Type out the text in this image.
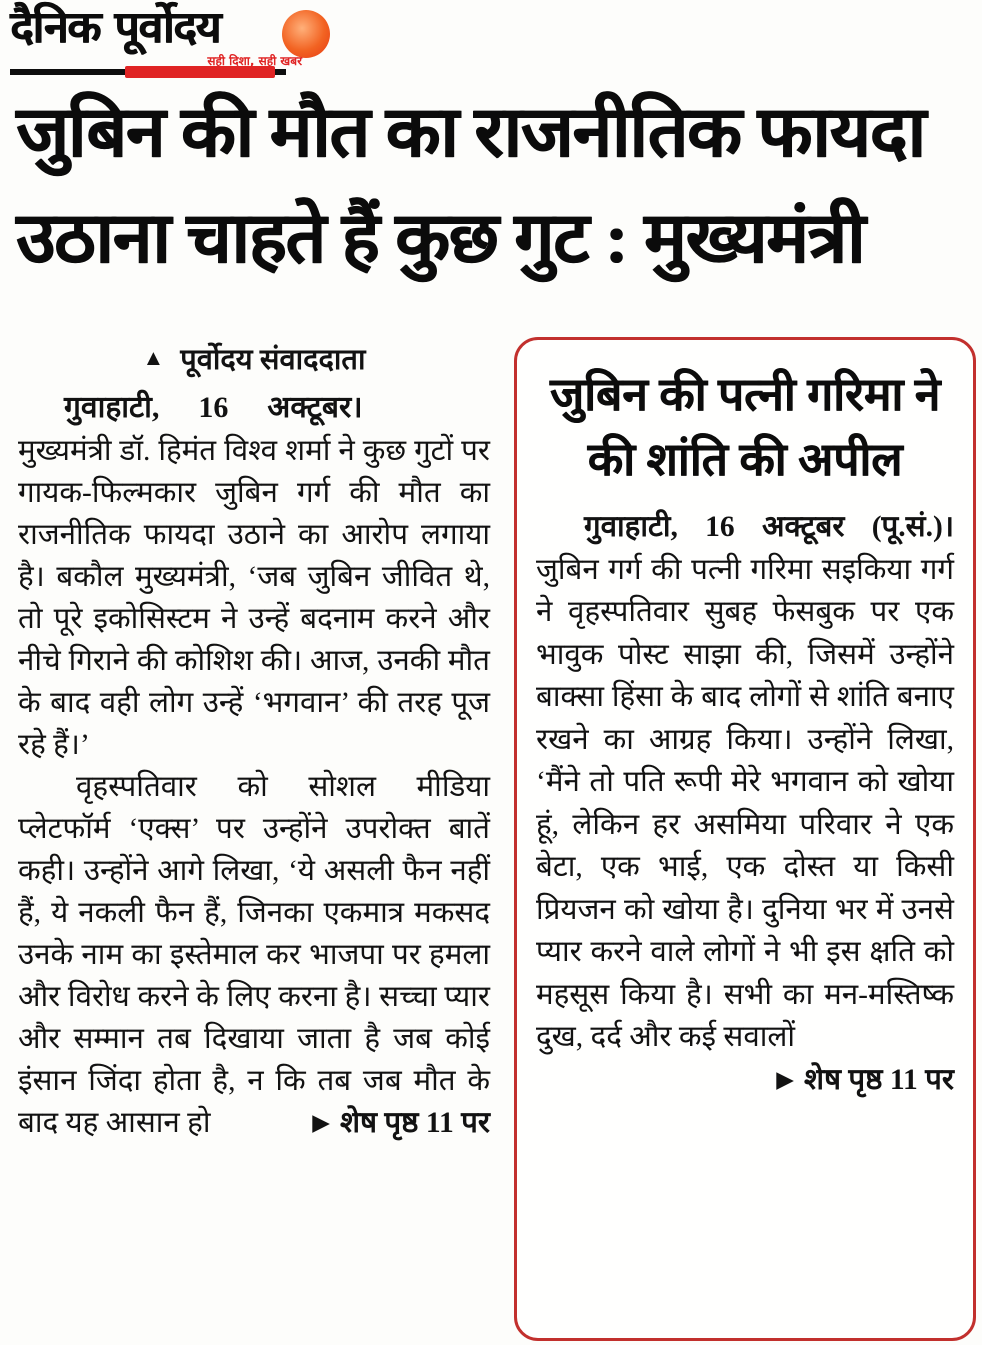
दैनिक पूर्वोदय
सही दिशा, सही खबर
जुबिन की मौत का राजनीतिक फायदा
उठाना चाहते हैं कुछ गुट : मुख्यमंत्री

▲ पूर्वोदय संवाददाता

गुवाहाटी, 16 अक्टूबर।

मुख्यमंत्री डॉ. हिमंत विश्व शर्मा ने कुछ गुटों पर गायक-फिल्मकार जुबिन गर्ग की मौत का राजनीतिक फायदा उठाने का आरोप लगाया है। बकौल मुख्यमंत्री, ‘जब जुबिन जीवित थे, तो पूरे इकोसिस्टम ने उन्हें बदनाम करने और नीचे गिराने की कोशिश की। आज, उनकी मौत के बाद वही लोग उन्हें ‘भगवान’ की तरह पूज रहे हैं।’

वृहस्पतिवार को सोशल मीडिया प्लेटफॉर्म ‘एक्स’ पर उन्होंने उपरोक्त बातें कही। उन्होंने आगे लिखा, ‘ये असली फैन नहीं हैं, ये नकली फैन हैं, जिनका एकमात्र मकसद उनके नाम का इस्तेमाल कर भाजपा पर हमला और विरोध करने के लिए करना है। सच्चा प्यार और सम्मान तब दिखाया जाता है जब कोई इंसान जिंदा होता है, न कि तब जब मौत के बाद यह आसान हो	▶ शेष पृष्ठ 11 पर

जुबिन की पत्नी गरिमा ने की शांति की अपील

गुवाहाटी, 16 अक्टूबर (पू.सं.)। जुबिन गर्ग की पत्नी गरिमा सइकिया गर्ग ने वृहस्पतिवार सुबह फेसबुक पर एक भावुक पोस्ट साझा की, जिसमें उन्होंने बाक्सा हिंसा के बाद लोगों से शांति बनाए रखने का आग्रह किया। उन्होंने लिखा, ‘मैंने तो पति रूपी मेरे भगवान को खोया हूं, लेकिन हर असमिया परिवार ने एक बेटा, एक भाई, एक दोस्त या किसी प्रियजन को खोया है। दुनिया भर में उनसे प्यार करने वाले लोगों ने भी इस क्षति को महसूस किया है। सभी का मन-मस्तिष्क दुख, दर्द और कई सवालों
▶ शेष पृष्ठ 11 पर
